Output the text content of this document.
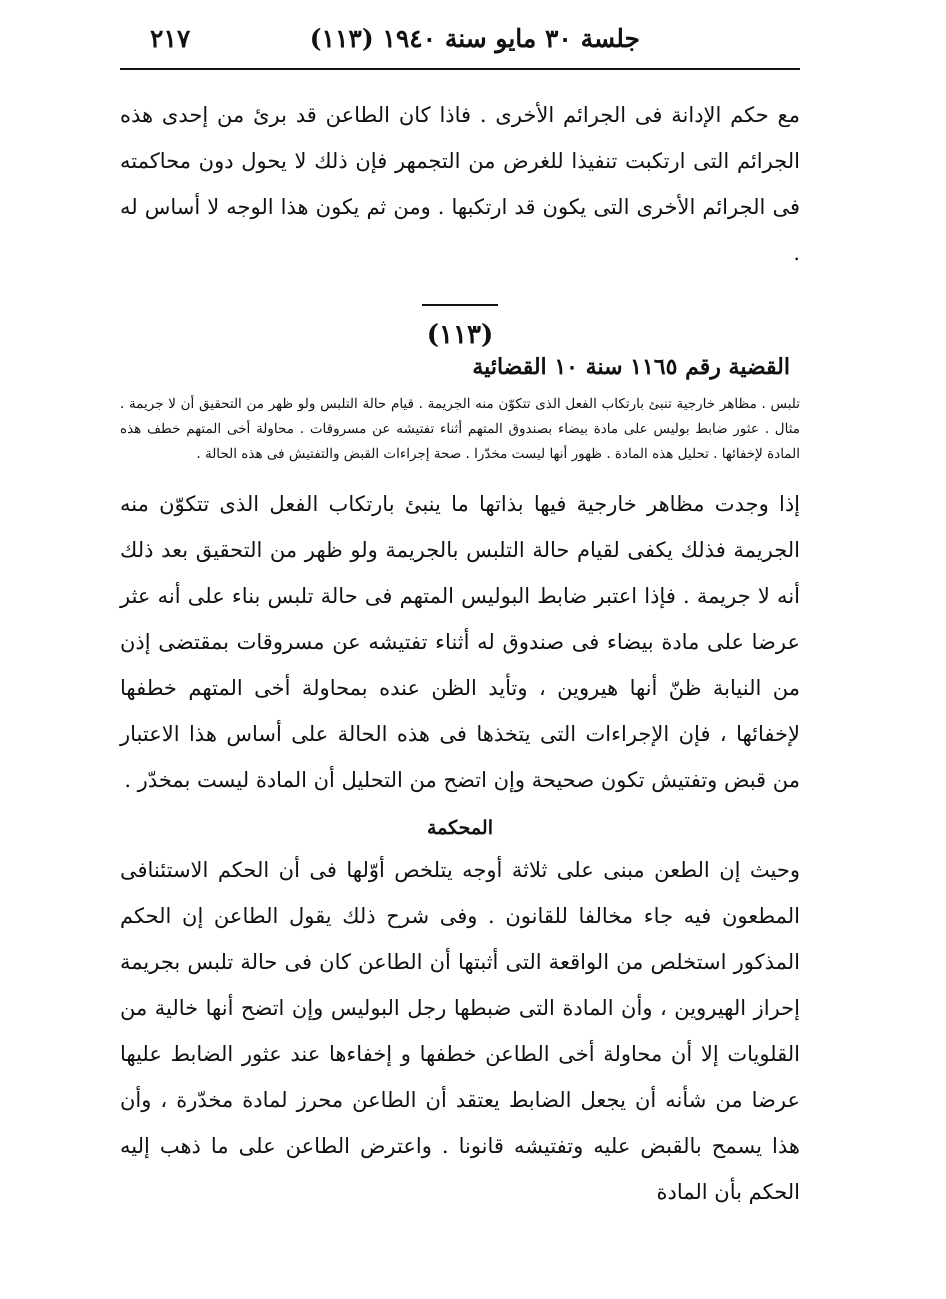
جلسة ٣٠ مايو سنة ١٩٤٠ (١١٣)
٢١٧

مع حكم الإدانة فى الجرائم الأخرى . فاذا كان الطاعن قد برئ من إحدى هذه الجرائم التى ارتكبت تنفيذا للغرض من التجمهر فإن ذلك لا يحول دون محاكمته فى الجرائم الأخرى التى يكون قد ارتكبها . ومن ثم يكون هذا الوجه لا أساس له .

(١١٣)
القضية رقم ١١٦٥ سنة ١٠ القضائية

تلبس . مظاهر خارجية تنبئ بارتكاب الفعل الذى تتكوّن منه الجريمة . قيام حالة التلبس ولو ظهر من التحقيق أن لا جريمة . مثال . عثور ضابط بوليس على مادة بيضاء بصندوق المتهم أثناء تفتيشه عن مسروقات . محاولة أخى المتهم خطف هذه المادة لإخفائها . تحليل هذه المادة . ظهور أنها ليست مخدّرا . صحة إجراءات القبض والتفتيش فى هذه الحالة .

إذا وجدت مظاهر خارجية فيها بذاتها ما ينبئ بارتكاب الفعل الذى تتكوّن منه الجريمة فذلك يكفى لقيام حالة التلبس بالجريمة ولو ظهر من التحقيق بعد ذلك أنه لا جريمة . فإذا اعتبر ضابط البوليس المتهم فى حالة تلبس بناء على أنه عثر عرضا على مادة بيضاء فى صندوق له أثناء تفتيشه عن مسروقات بمقتضى إذن من النيابة ظنّ أنها هيروين ، وتأيد الظن عنده بمحاولة أخى المتهم خطفها لإخفائها ، فإن الإجراءات التى يتخذها فى هذه الحالة على أساس هذا الاعتبار من قبض وتفتيش تكون صحيحة وإن اتضح من التحليل أن المادة ليست بمخدّر .

المحكمة

وحيث إن الطعن مبنى على ثلاثة أوجه يتلخص أوّلها فى أن الحكم الاستئنافى المطعون فيه جاء مخالفا للقانون . وفى شرح ذلك يقول الطاعن إن الحكم المذكور استخلص من الواقعة التى أثبتها أن الطاعن كان فى حالة تلبس بجريمة إحراز الهيروين ، وأن المادة التى ضبطها رجل البوليس وإن اتضح أنها خالية من القلويات إلا أن محاولة أخى الطاعن خطفها و إخفاءها عند عثور الضابط عليها عرضا من شأنه أن يجعل الضابط يعتقد أن الطاعن محرز لمادة مخدّرة ، وأن هذا يسمح بالقبض عليه وتفتيشه قانونا . واعترض الطاعن على ما ذهب إليه الحكم بأن المادة
